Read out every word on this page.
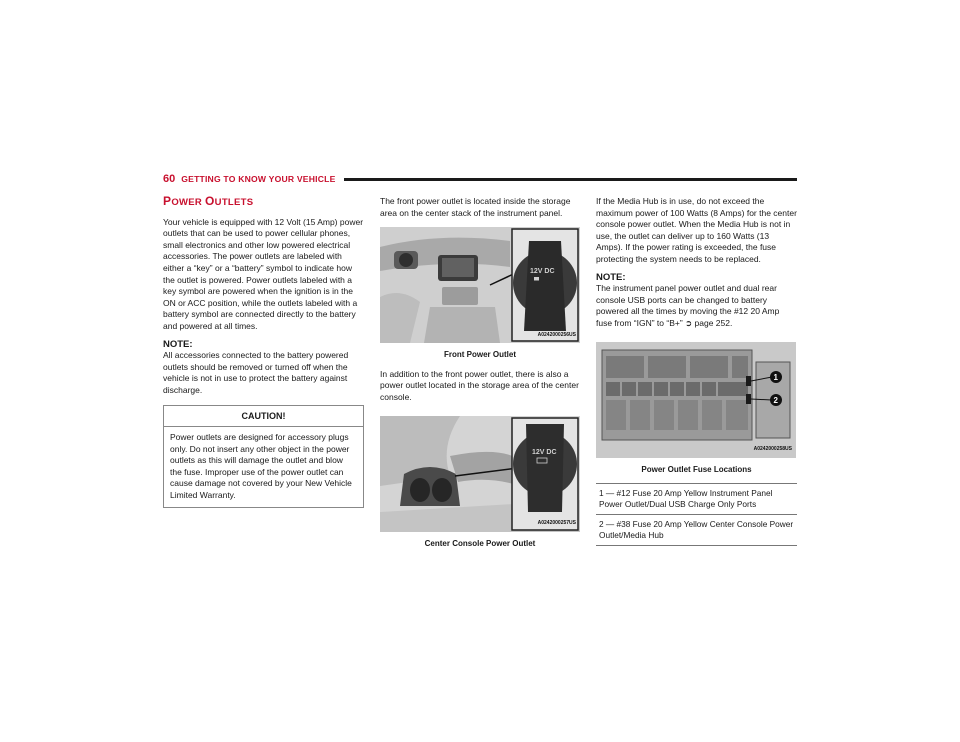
60 GETTING TO KNOW YOUR VEHICLE
POWER OUTLETS

Your vehicle is equipped with 12 Volt (15 Amp) power outlets that can be used to power cellular phones, small electronics and other low powered electrical accessories. The power outlets are labeled with either a “key” or a “battery” symbol to indicate how the outlet is powered. Power outlets labeled with a key symbol are powered when the ignition is in the ON or ACC position, while the outlets labeled with a battery symbol are connected directly to the battery and powered at all times.

NOTE:

All accessories connected to the battery powered outlets should be removed or turned off when the vehicle is not in use to protect the battery against discharge.

CAUTION!
Power outlets are designed for accessory plugs only. Do not insert any other object in the power outlets as this will damage the outlet and blow the fuse. Improper use of the power outlet can cause damage not covered by your New Vehicle Limited Warranty.

The front power outlet is located inside the storage area on the center stack of the instrument panel.

12V DC
A0242000256US
Front Power Outlet

In addition to the front power outlet, there is also a power outlet located in the storage area of the center console.

12V DC
A0242000257US
Center Console Power Outlet

If the Media Hub is in use, do not exceed the maximum power of 100 Watts (8 Amps) for the center console power outlet. When the Media Hub is not in use, the outlet can deliver up to 160 Watts (13 Amps). If the power rating is exceeded, the fuse protecting the system needs to be replaced.

NOTE:

The instrument panel power outlet and dual rear console USB ports can be changed to battery powered all the times by moving the #12 20 Amp fuse from “IGN” to “B+” ➲ page 252.

1
2
A0242000258US
Power Outlet Fuse Locations
1 — #12 Fuse 20 Amp Yellow Instrument Panel Power Outlet/Dual USB Charge Only Ports
2 — #38 Fuse 20 Amp Yellow Center Console Power Outlet/Media Hub
